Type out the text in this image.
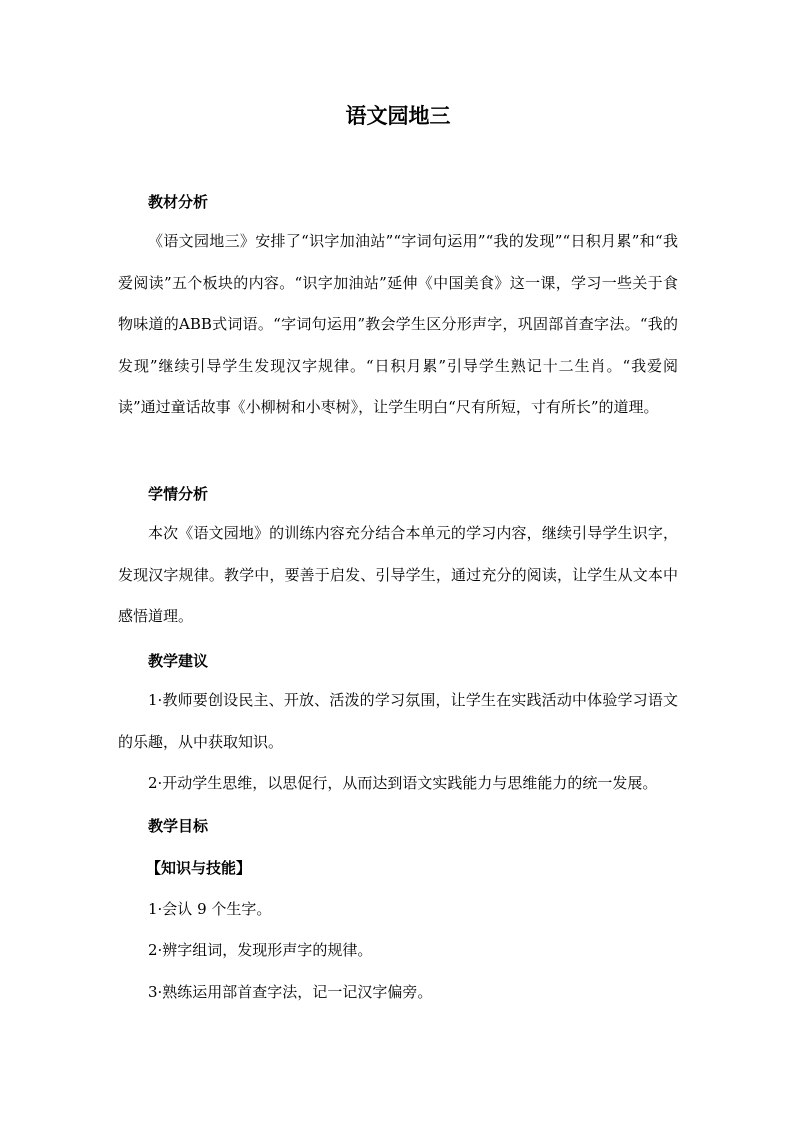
语文园地三
教材分析

《语文园地三》安排了“识字加油站”“字词句运用”“我的发现”“日积月累”和“我爱阅读”五个板块的内容。“识字加油站”延伸《中国美食》这一课，学习一些关于食物味道的ABB式词语。“字词句运用”教会学生区分形声字，巩固部首查字法。“我的发现”继续引导学生发现汉字规律。“日积月累”引导学生熟记十二生肖。“我爱阅读”通过童话故事《小柳树和小枣树》，让学生明白“尺有所短，寸有所长”的道理。

学情分析

本次《语文园地》的训练内容充分结合本单元的学习内容，继续引导学生识字，发现汉字规律。教学中，要善于启发、引导学生，通过充分的阅读，让学生从文本中感悟道理。

教学建议

1·教师要创设民主、开放、活泼的学习氛围，让学生在实践活动中体验学习语文的乐趣，从中获取知识。

2·开动学生思维，以思促行，从而达到语文实践能力与思维能力的统一发展。

教学目标
【知识与技能】

1·会认 9 个生字。

2·辨字组词，发现形声字的规律。

3·熟练运用部首查字法，记一记汉字偏旁。
